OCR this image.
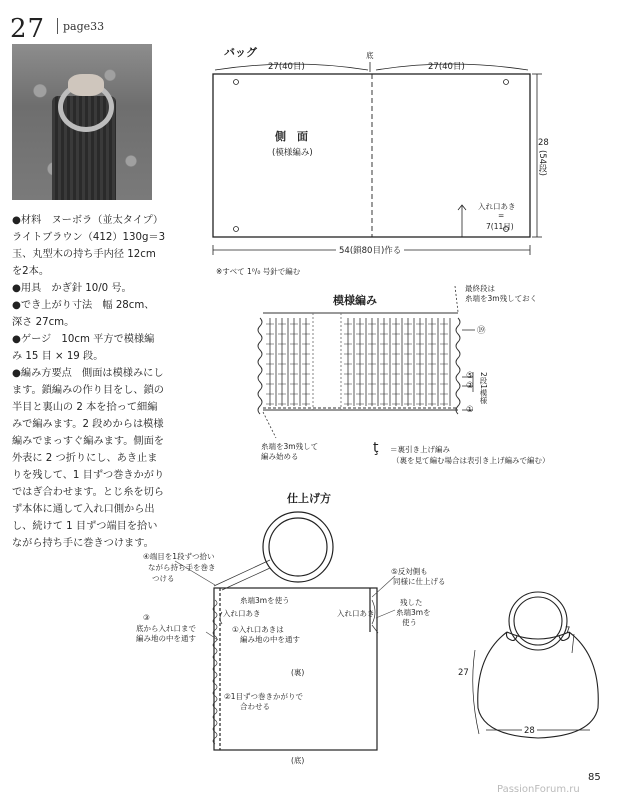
27 page33

●材料　ヌーボラ（並太タイプ）

ライトブラウン（412）130g＝3

玉、丸型木の持ち手内径 12cm

を2本。

●用具　かぎ針 10/0 号。

●でき上がり寸法　幅 28cm、

深さ 27cm。

●ゲージ　10cm 平方で模様編

み 15 目 × 19 段。

●編み方要点　側面は模様みにし

ます。鎖編みの作り目をし、鎖の

半目と裏山の 2 本を拾って細編

みで編みます。2 段めからは模様

編みでまっすぐ編みます。側面を

外表に 2 つ折りにし、あき止ま

りを残して、1 目ずつ巻きかがり

ではぎ合わせます。とじ糸を切ら

ず本体に通して入れ口側から出

し、続けて 1 目ずつ端目を拾い

ながら持ち手に巻きつけます。

バッグ
27(40目)	27(40目)
底
側　面
(模様編み)
28
(54段)
入れ口あき
=
7(11目)
54(鎖80目)作る
※すべて 1⁰/₀ 号針で編む
模様編み
最終段は
糸端を3m残しておく
⑲
⑤
②
①
2段1模様
糸端を3m残して
編み始める
ţ ＝裏引き上げ編み
（裏を見て編む場合は表引き上げ編みで編む）
仕上げ方
④端目を1段ずつ拾い
ながら持ち手を巻き
つける
⑤反対側も
同様に仕上げる
糸端3mを使う
入れ口あき	入れ口あき
残した
糸端3mを
使う
③
底から入れ口まで
編み地の中を通す
①入れ口あきは
編み地の中を通す
(裏)
②1目ずつ巻きかがりで
合わせる
(底)
7
27
28
85
PassionForum.ru
